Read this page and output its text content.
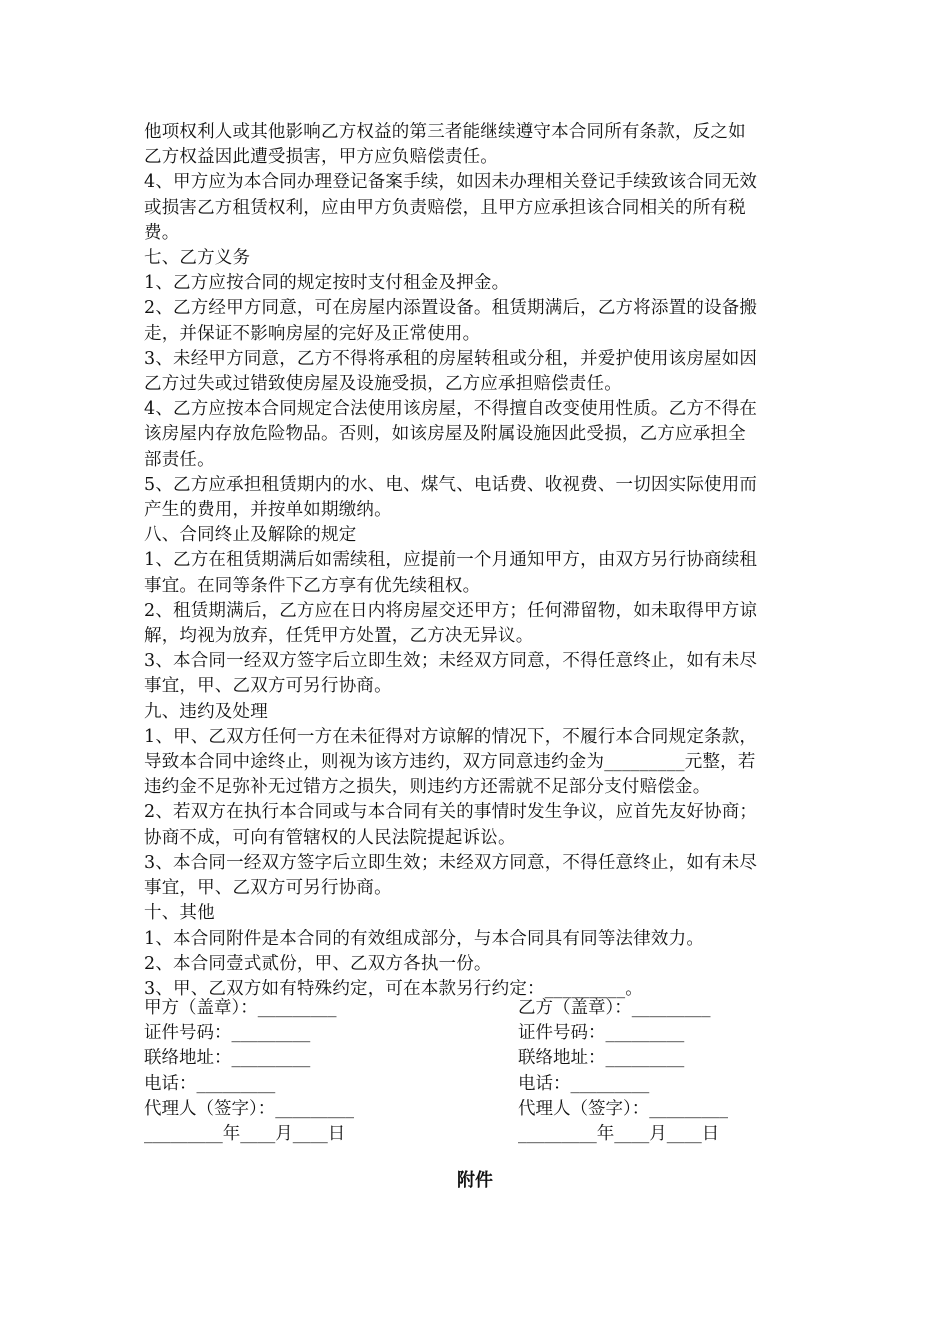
他项权利人或其他影响乙方权益的第三者能继续遵守本合同所有条款，反之如
乙方权益因此遭受损害，甲方应负赔偿责任。
4、甲方应为本合同办理登记备案手续，如因未办理相关登记手续致该合同无效
或损害乙方租赁权利，应由甲方负责赔偿，且甲方应承担该合同相关的所有税
费。
七、乙方义务
1、乙方应按合同的规定按时支付租金及押金。
2、乙方经甲方同意，可在房屋内添置设备。租赁期满后，乙方将添置的设备搬
走，并保证不影响房屋的完好及正常使用。
3、未经甲方同意，乙方不得将承租的房屋转租或分租，并爱护使用该房屋如因
乙方过失或过错致使房屋及设施受损，乙方应承担赔偿责任。
4、乙方应按本合同规定合法使用该房屋，不得擅自改变使用性质。乙方不得在
该房屋内存放危险物品。否则，如该房屋及附属设施因此受损，乙方应承担全
部责任。
5、乙方应承担租赁期内的水、电、煤气、电话费、收视费、一切因实际使用而
产生的费用，并按单如期缴纳。
八、合同终止及解除的规定
1、乙方在租赁期满后如需续租，应提前一个月通知甲方，由双方另行协商续租
事宜。在同等条件下乙方享有优先续租权。
2、租赁期满后，乙方应在日内将房屋交还甲方；任何滞留物，如未取得甲方谅
解，均视为放弃，任凭甲方处置，乙方决无异议。
3、本合同一经双方签字后立即生效；未经双方同意，不得任意终止，如有未尽
事宜，甲、乙双方可另行协商。
九、违约及处理
1、甲、乙双方任何一方在未征得对方谅解的情况下，不履行本合同规定条款，
导致本合同中途终止，则视为该方违约，双方同意违约金为_________元整，若
违约金不足弥补无过错方之损失，则违约方还需就不足部分支付赔偿金。
2、若双方在执行本合同或与本合同有关的事情时发生争议，应首先友好协商；
协商不成，可向有管辖权的人民法院提起诉讼。
3、本合同一经双方签字后立即生效；未经双方同意，不得任意终止，如有未尽
事宜，甲、乙双方可另行协商。
十、其他
1、本合同附件是本合同的有效组成部分，与本合同具有同等法律效力。
2、本合同壹式贰份，甲、乙双方各执一份。
3、甲、乙双方如有特殊约定，可在本款另行约定：_________。
甲方（盖章）：_________	乙方（盖章）：_________
证件号码：_________	证件号码：_________
联络地址：_________	联络地址：_________
电话：_________	电话：_________
代理人（签字）：_________	代理人（签字）：_________
_________年____月____日	_________年____月____日
附件
